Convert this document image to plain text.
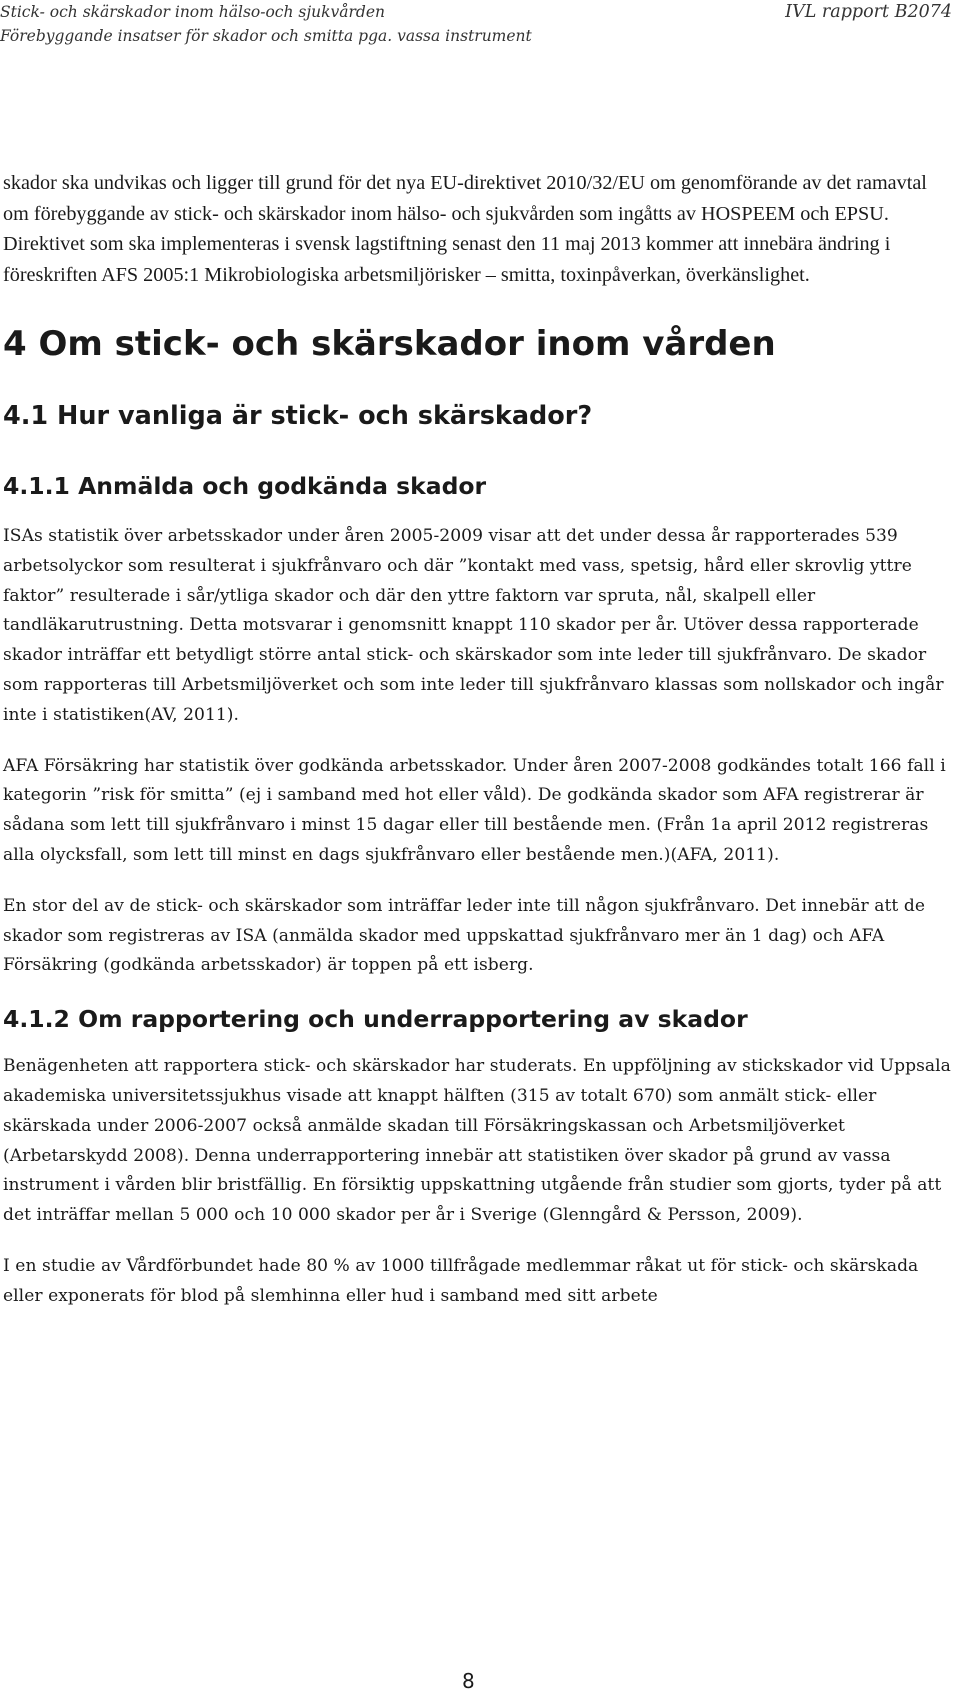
Stick- och skärskador inom hälso-och sjukvården
Förebyggande insatser för skador och smitta pga. vassa instrument
IVL rapport B2074

skador ska undvikas och ligger till grund för det nya EU-direktivet 2010/32/EU om genomförande av det ramavtal om förebyggande av stick- och skärskador inom hälso- och sjukvården som ingåtts av HOSPEEM och EPSU. Direktivet som ska implementeras i svensk lagstiftning senast den 11 maj 2013 kommer att innebära ändring i föreskriften AFS 2005:1 Mikrobiologiska arbetsmiljörisker – smitta, toxinpåverkan, överkänslighet.

4 Om stick- och skärskador inom vården
4.1 Hur vanliga är stick- och skärskador?
4.1.1 Anmälda och godkända skador

ISAs statistik över arbetsskador under åren 2005-2009 visar att det under dessa år rapporterades 539 arbetsolyckor som resulterat i sjukfrånvaro och där ”kontakt med vass, spetsig, hård eller skrovlig yttre faktor” resulterade i sår/ytliga skador och där den yttre faktorn var spruta, nål, skalpell eller tandläkarutrustning. Detta motsvarar i genomsnitt knappt 110 skador per år. Utöver dessa rapporterade skador inträffar ett betydligt större antal stick- och skärskador som inte leder till sjukfrånvaro. De skador som rapporteras till Arbetsmiljöverket och som inte leder till sjukfrånvaro klassas som nollskador och ingår inte i statistiken(AV, 2011).

AFA Försäkring har statistik över godkända arbetsskador. Under åren 2007-2008 godkändes totalt 166 fall i kategorin ”risk för smitta” (ej i samband med hot eller våld). De godkända skador som AFA registrerar är sådana som lett till sjukfrånvaro i minst 15 dagar eller till bestående men. (Från 1a april 2012 registreras alla olycksfall, som lett till minst en dags sjukfrånvaro eller bestående men.)(AFA, 2011).

En stor del av de stick- och skärskador som inträffar leder inte till någon sjukfrånvaro. Det innebär att de skador som registreras av ISA (anmälda skador med uppskattad sjukfrånvaro mer än 1 dag) och AFA Försäkring (godkända arbetsskador) är toppen på ett isberg.

4.1.2 Om rapportering och underrapportering av skador

Benägenheten att rapportera stick- och skärskador har studerats. En uppföljning av stickskador vid Uppsala akademiska universitetssjukhus visade att knappt hälften (315 av totalt 670) som anmält stick- eller skärskada under 2006-2007 också anmälde skadan till Försäkringskassan och Arbetsmiljöverket (Arbetarskydd 2008). Denna underrapportering innebär att statistiken över skador på grund av vassa instrument i vården blir bristfällig. En försiktig uppskattning utgående från studier som gjorts, tyder på att det inträffar mellan 5 000 och 10 000 skador per år i Sverige (Glenngård & Persson, 2009).

I en studie av Vårdförbundet hade 80 % av 1000 tillfrågade medlemmar råkat ut för stick- och skärskada eller exponerats för blod på slemhinna eller hud i samband med sitt arbete

8
